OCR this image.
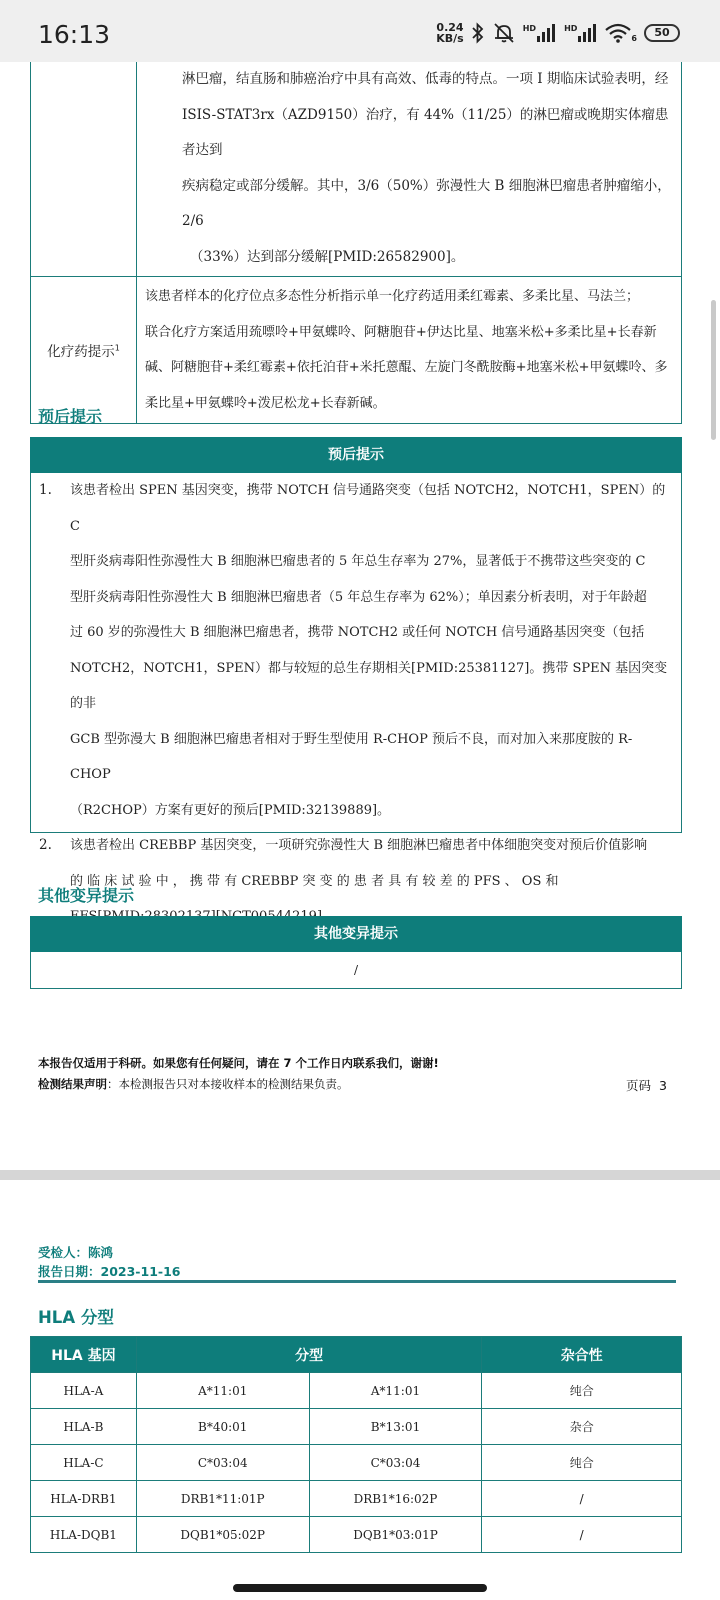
16:13	0.24
KB/s
HD	HD
6	50

	淋巴瘤，结直肠和肺癌治疗中具有高效、低毒的特点。一项 I 期临床试验表明，经
ISIS-STAT3rx（AZD9150）治疗，有 44%（11/25）的淋巴瘤或晚期实体瘤患者达到
疾病稳定或部分缓解。其中，3/6（50%）弥漫性大 B 细胞淋巴瘤患者肿瘤缩小，2/6
（33%）达到部分缓解[PMID:26582900]。

化疗药提示$^1$	该患者样本的化疗位点多态性分析指示单一化疗药适用柔红霉素、多柔比星、马法兰；
联合化疗方案适用巯嘌呤+甲氨蝶呤、阿糖胞苷+伊达比星、地塞米松+多柔比星+长春新
碱、阿糖胞苷+柔红霉素+依托泊苷+米托蒽醌、左旋门冬酰胺酶+地塞米松+甲氨蝶呤、多
柔比星+甲氨蝶呤+泼尼松龙+长春新碱。
预后提示
预后提示
1.	该患者检出 SPEN 基因突变，携带 NOTCH 信号通路突变（包括 NOTCH2，NOTCH1，SPEN）的 C
型肝炎病毒阳性弥漫性大 B 细胞淋巴瘤患者的 5 年总生存率为 27%，显著低于不携带这些突变的 C
型肝炎病毒阳性弥漫性大 B 细胞淋巴瘤患者（5 年总生存率为 62%）；单因素分析表明，对于年龄超
过 60 岁的弥漫性大 B 细胞淋巴瘤患者，携带 NOTCH2 或任何 NOTCH 信号通路基因突变（包括
NOTCH2，NOTCH1，SPEN）都与较短的总生存期相关[PMID:25381127]。携带 SPEN 基因突变的非
GCB 型弥漫大 B 细胞淋巴瘤患者相对于野生型使用 R-CHOP 预后不良，而对加入来那度胺的 R-CHOP
（R2CHOP）方案有更好的预后[PMID:32139889]。
2.	该患者检出 CREBBP 基因突变，一项研究弥漫性大 B 细胞淋巴瘤患者中体细胞突变对预后价值影响
的 临 床 试 验 中 ， 携 带 有 CREBBP 突 变 的 患 者 具 有 较 差 的 PFS 、 OS 和
其他变异提示
其他变异提示
/
本报告仅适用于科研。如果您有任何疑问，请在 7 个工作日内联系我们，谢谢!
检测结果声明：本检测报告只对本接收样本的检测结果负责。	页码 3
受检人：陈鸿
报告日期：2023-11-16
HLA 分型
HLA 基因	分型		杂合性
HLA-A	A*11:01	A*11:01	纯合
HLA-B	B*40:01	B*13:01	杂合
HLA-C	C*03:04	C*03:04	纯合
HLA-DRB1	DRB1*11:01P	DRB1*16:02P	/
HLA-DQB1	DQB1*05:02P	DQB1*03:01P	/
